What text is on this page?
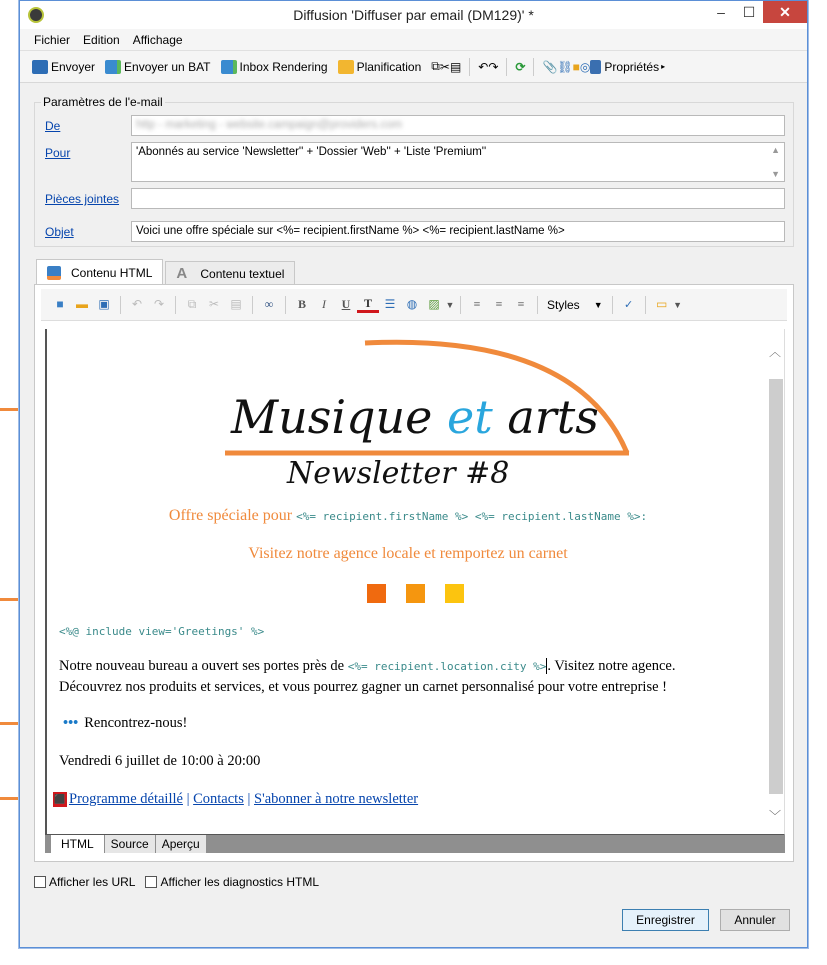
Diffusion 'Diffuser par email (DM129)' *	–	☐	✕
Fichier Edition Affichage
Envoyer Envoyer un BAT Inbox Rendering Planification ⧉ ✂ ▤ ↶ ↷ ⟳ 📎 ⛓ ■ ◎ Propriétés ▸
Paramètres de l'e-mail
De	http - marketing - website.campaign@providers.com
Pour	'Abonnés au service 'Newsletter'' + 'Dossier 'Web'' + 'Liste 'Premium''	▲
▼
Pièces jointes
Objet	Voici une offre spéciale sur <%= recipient.firstName %> <%= recipient.lastName %>
Contenu HTML A Contenu textuel
■	▬ ▣	↶ ↷	⧉	✂ ▤	∞	B	I	U	T	☰ ◍ ▨ ▼	≡	≡	≡	Styles ▼	✓	▭ ▼
Musique et arts
Newsletter #8
Offre spéciale pour <%= recipient.firstName %> <%= recipient.lastName %>:
Visitez notre agence locale et remportez un carnet
<%@ include view='Greetings' %>
Notre nouveau bureau a ouvert ses portes près de <%= recipient.location.city %>. Visitez notre agence.
Découvrez nos produits et services, et vous pourrez gagner un carnet personnalisé pour votre entreprise !
••• Rencontrez-nous!
Vendredi 6 juillet de 10:00 à 20:00
⬛ Programme détaillé | Contacts | S'abonner à notre newsletter
︿
﹀
HTML	Source	Aperçu
Afficher les URL Afficher les diagnostics HTML
Enregistrer	Annuler
